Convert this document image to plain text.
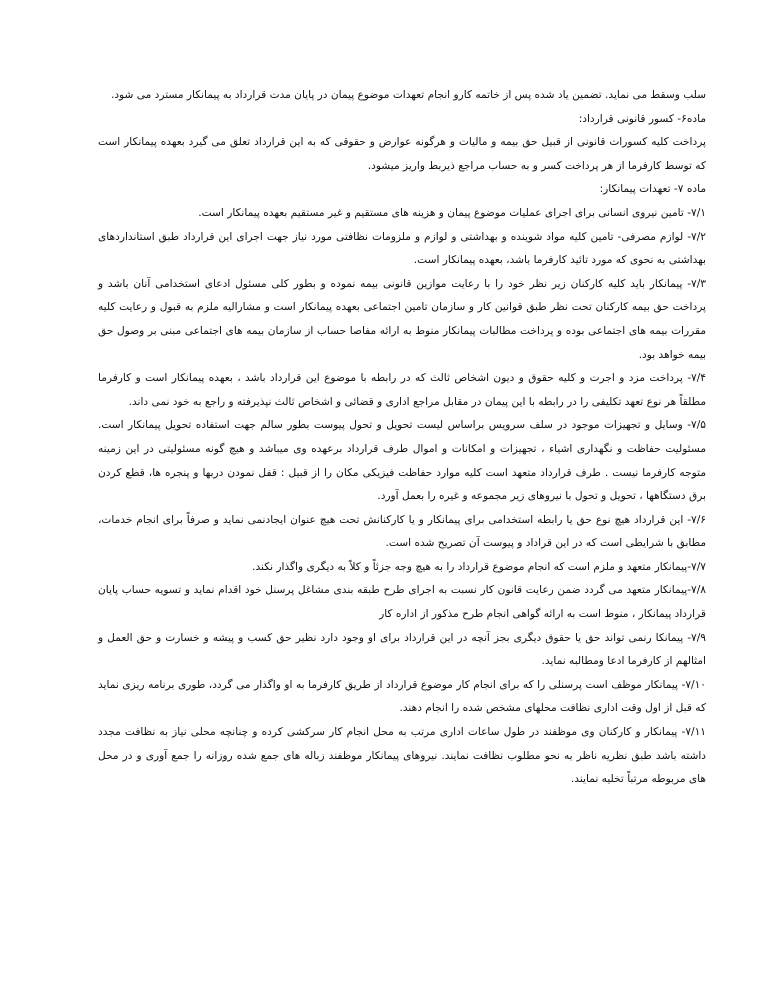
سلب وسقط می نماید. تضمین یاد شده پس از خاتمه کارو انجام تعهدات موضوع پیمان در پایان مدت قرارداد به پیمانکار مسترد می شود.

ماده۶- کسور قانونی قرارداد:

پرداخت کلیه کسورات قانونی از قبیل حق بیمه و مالیات و هرگونه عوارض و حقوقی که به این قرارداد تعلق می گیرد بعهده پیمانکار است که توسط کارفرما از هر پرداخت کسر و به حساب مراجع ذیربط واریز میشود.

ماده ۷- تعهدات پیمانکار:

۷/۱- تامین نیروی انسانی برای اجرای عملیات موضوع پیمان و هزینه های مستقیم و غیر مستقیم بعهده پیمانکار است.

۷/۲- لوازم مصرفی- تامین کلیه مواد شوینده و بهداشتی و لوازم و ملزومات نظافتی مورد نیاز جهت اجرای این قرارداد طبق استانداردهای بهداشتی به نحوی که مورد تائید کارفرما باشد، بعهده پیمانکار است.

۷/۳- پیمانکار باید کلیه کارکنان زیر نظر خود را با رعایت موازین قانونی بیمه نموده و بطور کلی مسئول ادعای استخدامی آنان باشد و پرداخت حق بیمه کارکنان تحت نظر طبق قوانین کار و سازمان تامین اجتماعی بعهده پیمانکار است و مشارالیه ملزم به قبول و رعایت کلیه مقررات بیمه های اجتماعی بوده و پرداخت مطالبات پیمانکار منوط به ارائه مفاصا حساب از سازمان بیمه های اجتماعی مبنی بر وصول حق بیمه خواهد بود.

۷/۴- پرداخت مزد و اجرت و کلیه حقوق و دیون اشخاص ثالث که در رابطه با موضوع این قرارداد باشد ، بعهده پیمانکار است و کارفرما مطلقاً هر نوع تعهد تکلیفی را در رابطه با این پیمان در مقابل مراجع اداری و قضائی و اشخاص ثالث نپذیرفته و راجع به خود نمی داند.

۷/۵- وسایل و تجهیزات موجود در سلف سرویس براساس لیست تحویل و تحول پیوست بطور سالم جهت استفاده تحویل پیمانکار است. مسئولیت حفاظت و نگهداری اشیاء ، تجهیزات و امکانات و اموال طرف قرارداد برعهده وی میباشد و هیچ گونه مسئولیتی در این زمینه متوجه کارفرما نیست . طرف قرارداد متعهد است کلیه موارد حفاظت فیزیکی مکان را از قبیل : قفل نمودن دربها و پنجره ها، قطع کردن برق دستگاهها ، تحویل و تحول با نیروهای زیر مجموعه و غیره را بعمل آورد.

۷/۶- این قرارداد هیچ نوع حق یا رابطه استخدامی برای پیمانکار و یا کارکنانش تحت هیچ عنوان ایجادنمی نماید و صرفاً برای انجام خدمات، مطابق با شرایطی است که در این قراداد و پیوست آن تصریح شده است.

۷/۷-پیمانکار متعهد و ملزم است که انجام موضوع قرارداد را به هیچ وجه جزئاً و کلاً به دیگری واگذار نکند.

۷/۸-پیمانکار متعهد می گردد ضمن رعایت قانون کار نسبت به اجرای طرح طبقه بندی مشاغل پرسنل خود اقدام نماید و تسویه حساب پایان قرارداد پیمانکار ، منوط است به ارائه گواهی انجام طرح مذکور از اداره کار

۷/۹- پیمانکا رنمی تواند حق یا حقوق دیگری بجز آنچه در این قرارداد برای او وجود دارد نظیر حق کسب و پیشه و خسارت و حق العمل و امثالهم از کارفرما ادعا ومطالبه نماید.

۷/۱۰- پیمانکار موظف است پرسنلی را که برای انجام کار موضوع قرارداد از طریق کارفرما به او واگذار می گردد، طوری برنامه ریزی نماید که قبل از اول وقت اداری نظافت محلهای مشخص شده را انجام دهند.

۷/۱۱- پیمانکار و کارکنان وی موظفند در طول ساعات اداری مرتب به محل انجام کار سرکشی کرده و چنانچه محلی نیاز به نظافت مجدد داشته باشد طبق نظریه ناظر به نحو مطلوب نظافت نمایند. نیروهای پیمانکار موظفند زباله های جمع شده روزانه را جمع آوری و در محل های مربوطه مرتباً تخلیه نمایند.
